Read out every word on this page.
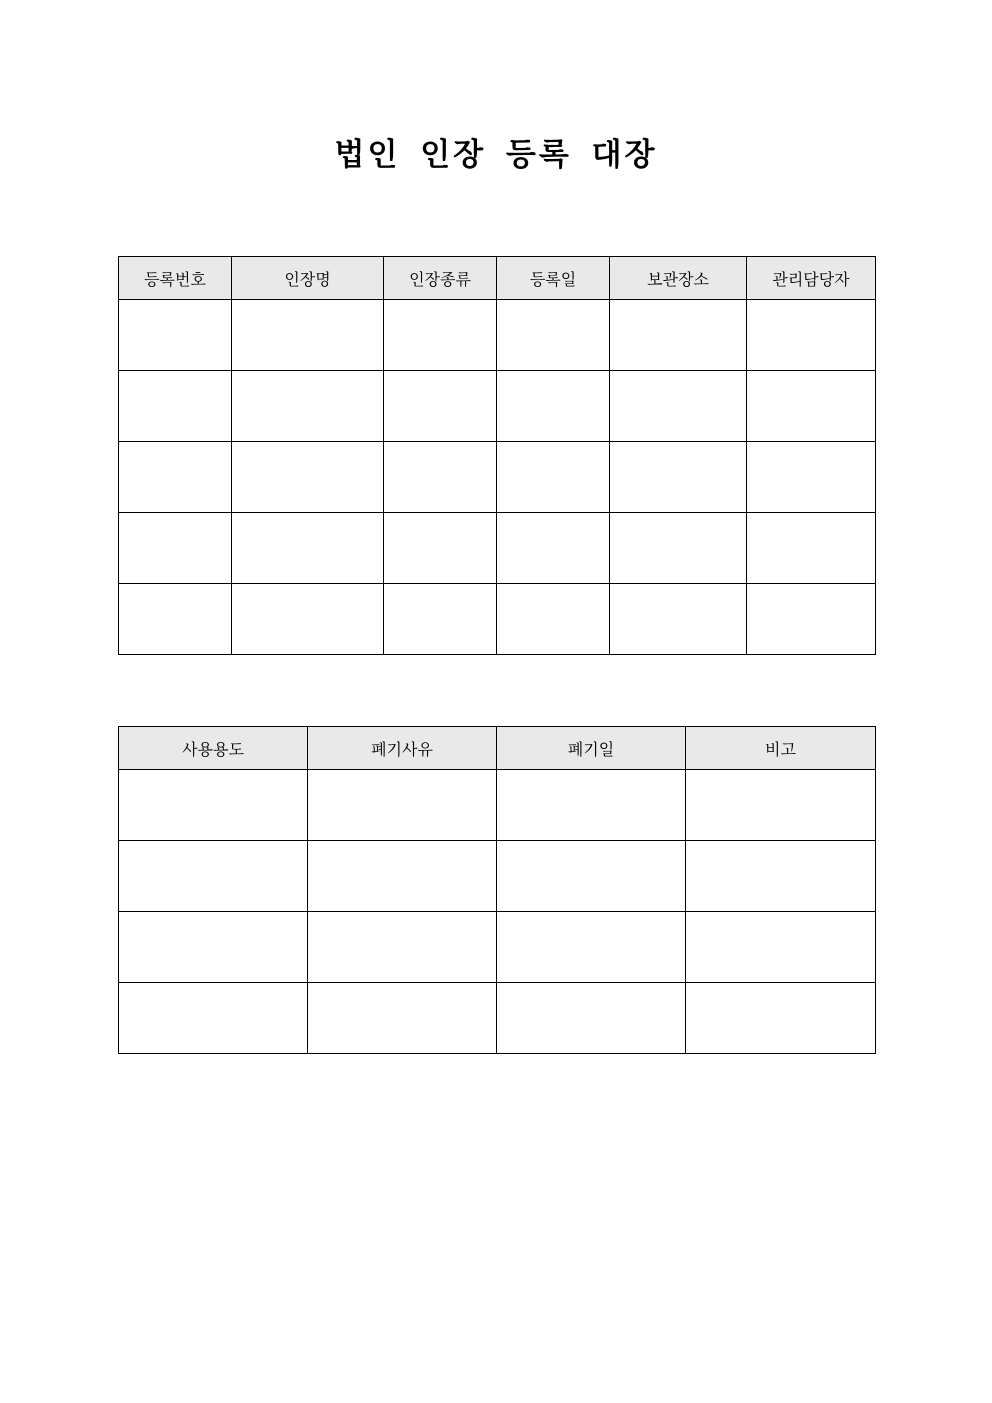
법인 인장 등록 대장
등록번호	인장명	인장종류	등록일	보관장소	관리담당자

사용용도	폐기사유	폐기일	비고
